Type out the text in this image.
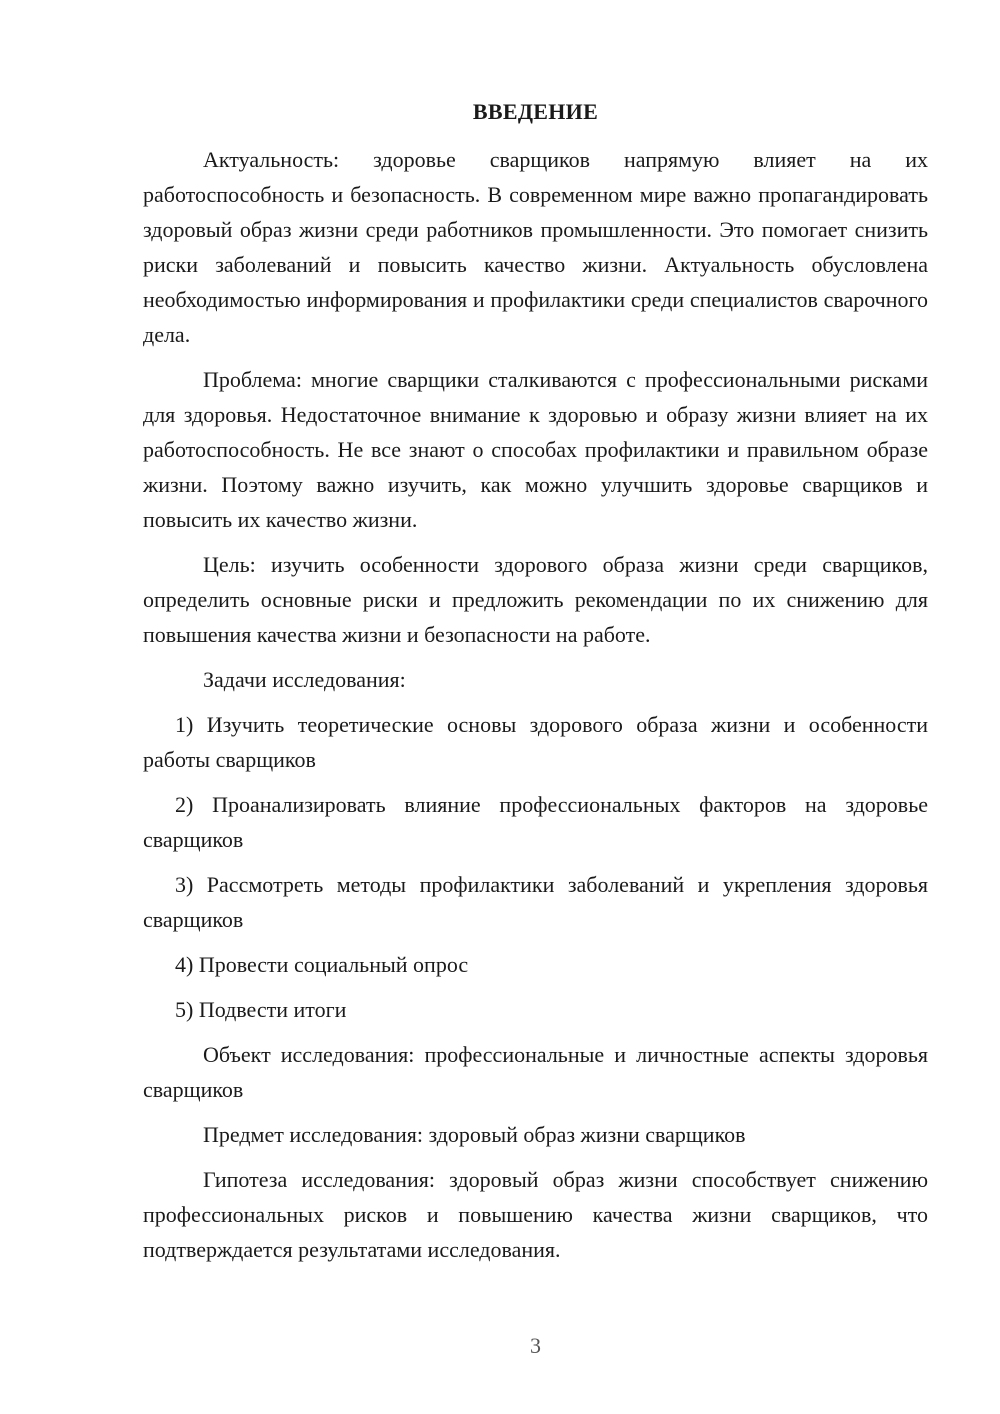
ВВЕДЕНИЕ

Актуальность: здоровье сварщиков напрямую влияет на их работоспособность и безопасность. В современном мире важно пропагандировать здоровый образ жизни среди работников промышленности. Это помогает снизить риски заболеваний и повысить качество жизни. Актуальность обусловлена необходимостью информирования и профилактики среди специалистов сварочного дела.

Проблема: многие сварщики сталкиваются с профессиональными рисками для здоровья. Недостаточное внимание к здоровью и образу жизни влияет на их работоспособность. Не все знают о способах профилактики и правильном образе жизни. Поэтому важно изучить, как можно улучшить здоровье сварщиков и повысить их качество жизни.

Цель: изучить особенности здорового образа жизни среди сварщиков, определить основные риски и предложить рекомендации по их снижению для повышения качества жизни и безопасности на работе.

Задачи исследования:

1) Изучить теоретические основы здорового образа жизни и особенности работы сварщиков

2) Проанализировать влияние профессиональных факторов на здоровье сварщиков

3) Рассмотреть методы профилактики заболеваний и укрепления здоровья сварщиков

4) Провести социальный опрос

5) Подвести итоги

Объект исследования: профессиональные и личностные аспекты здоровья сварщиков

Предмет исследования: здоровый образ жизни сварщиков

Гипотеза исследования: здоровый образ жизни способствует снижению профессиональных рисков и повышению качества жизни сварщиков, что подтверждается результатами исследования.

3
